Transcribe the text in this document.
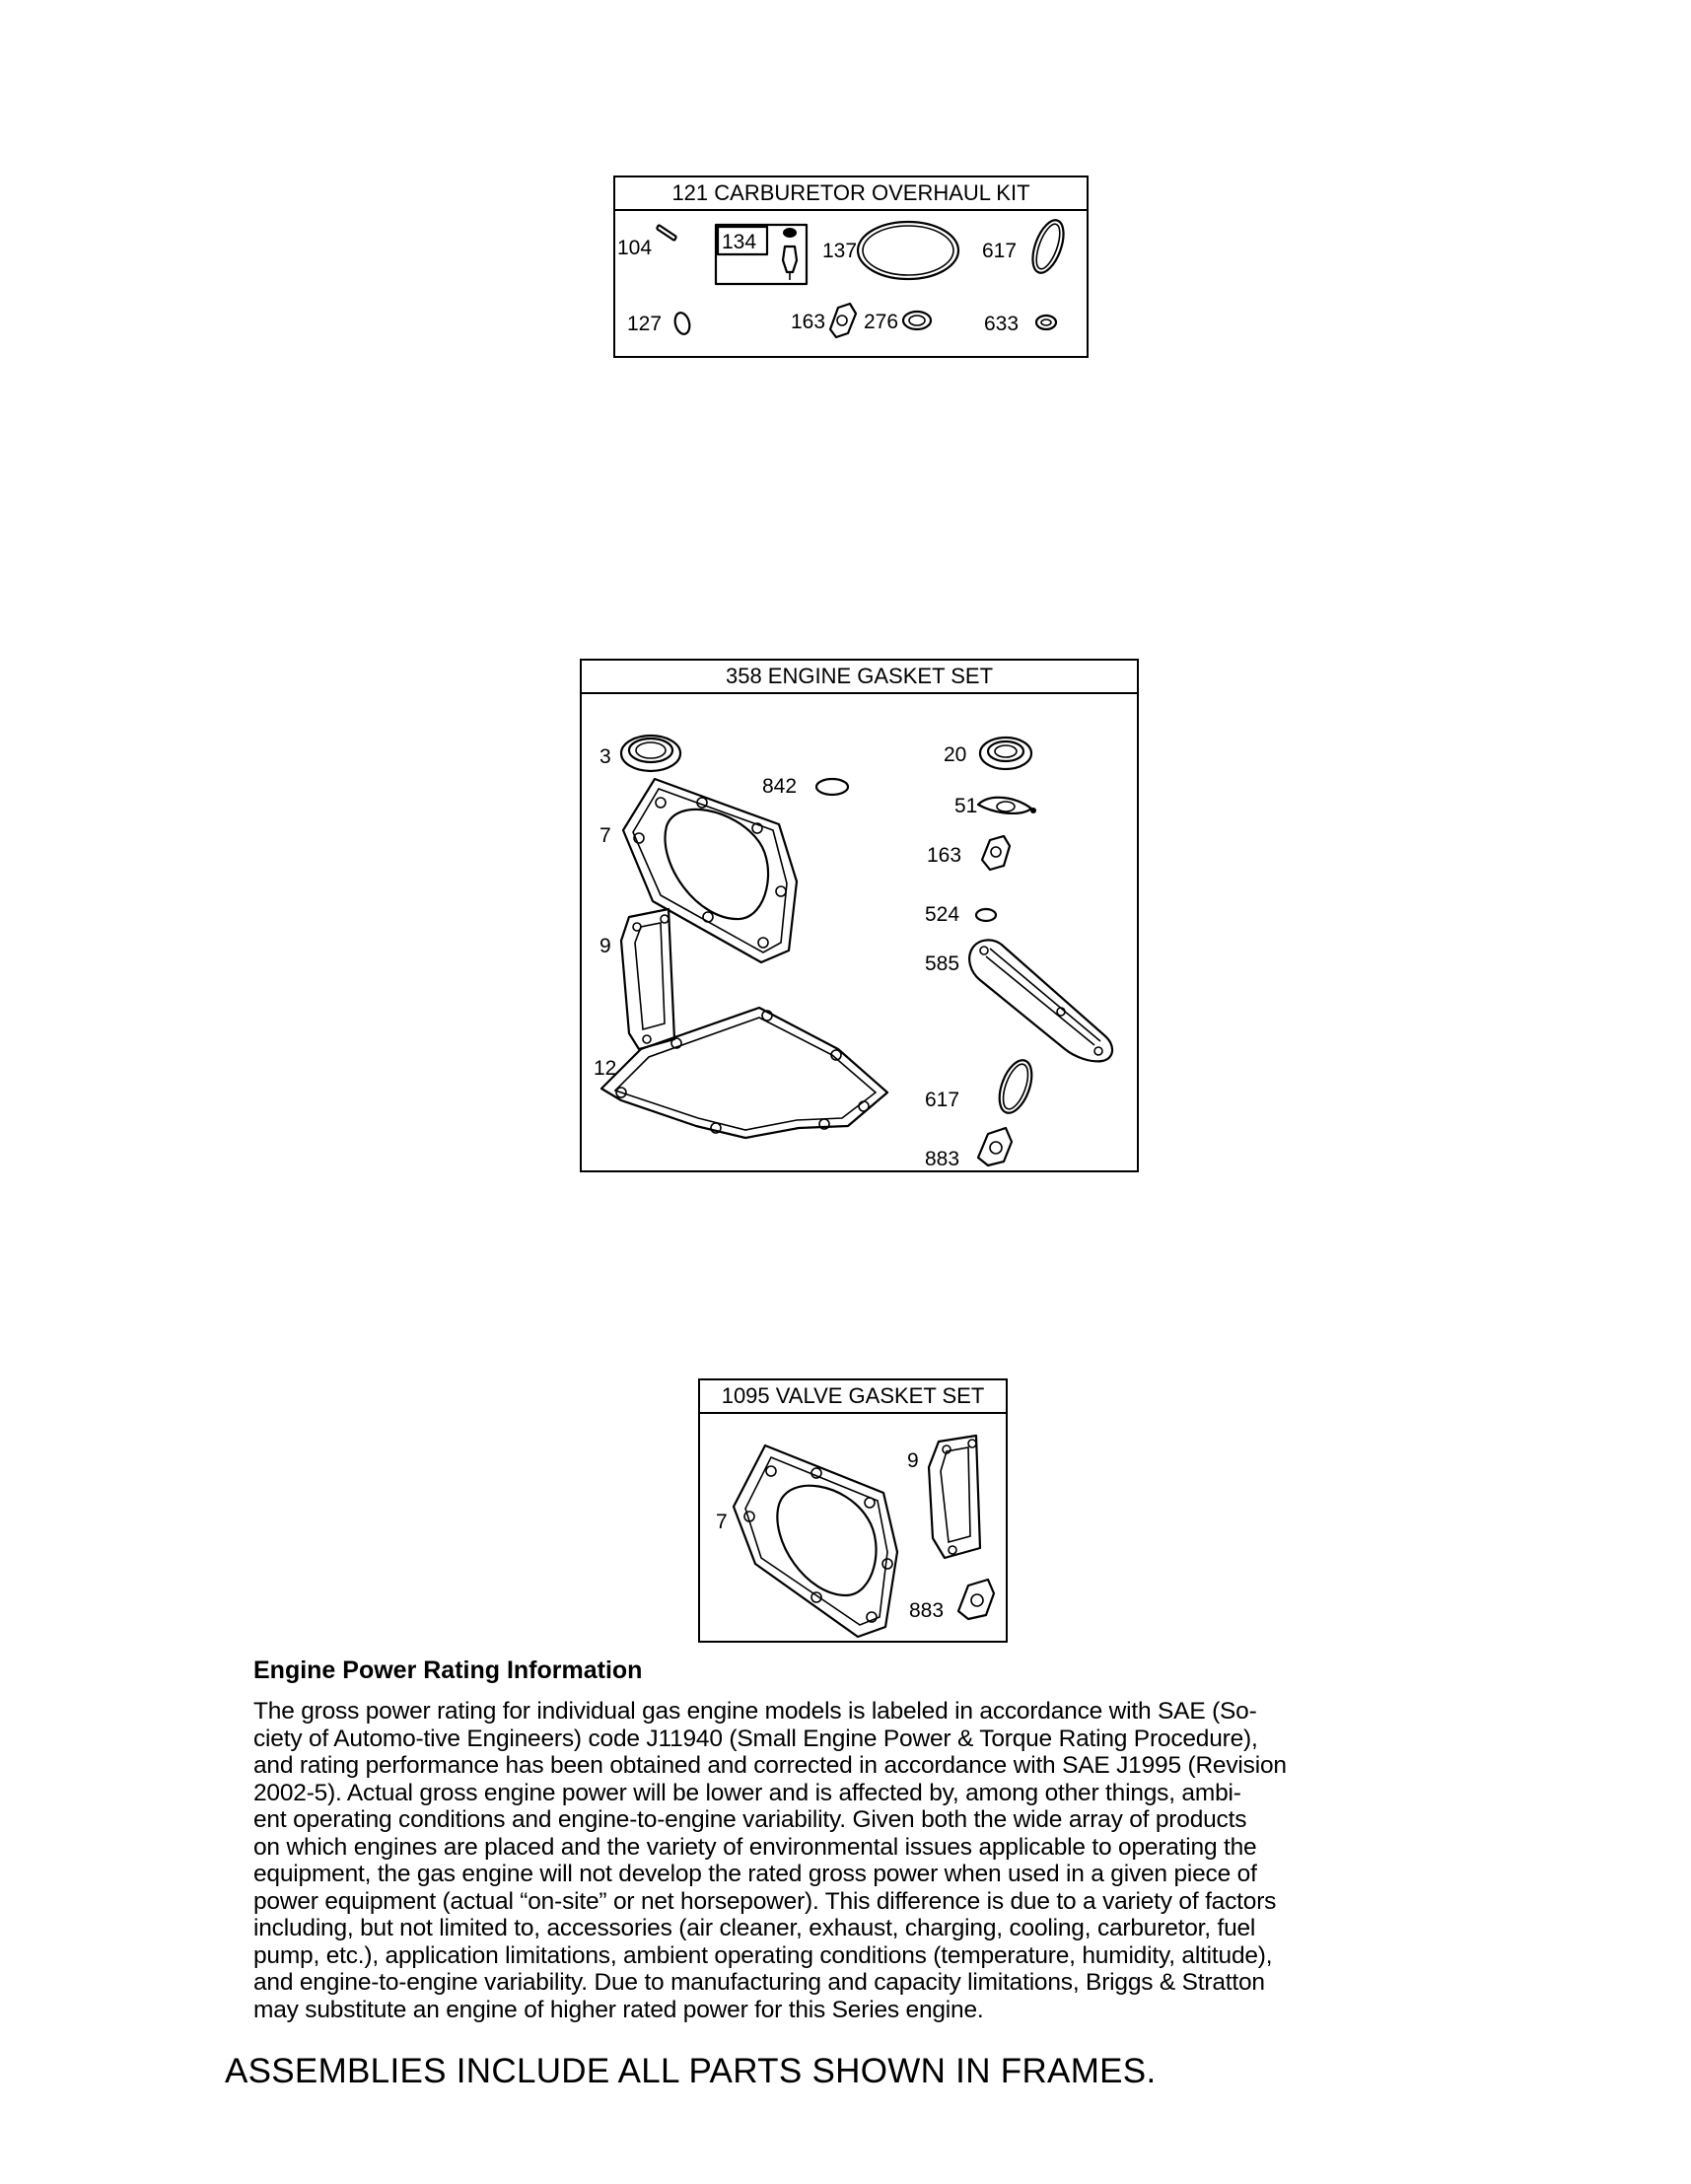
121 CARBURETOR OVERHAUL KIT
104	134	137	617
127	163 276	633
358 ENGINE GASKET SET
3
842
20
51
7
163
524
9
585
12
617
883
1095 VALVE GASKET SET
9
7
883
Engine Power Rating Information
The gross power rating for individual gas engine models is labeled in accordance with SAE (So-
ciety of Automo-tive Engineers) code J11940 (Small Engine Power & Torque Rating Procedure),
and rating performance has been obtained and corrected in accordance with SAE J1995 (Revision
2002-5). Actual gross engine power will be lower and is affected by, among other things, ambi-
ent operating conditions and engine-to-engine variability. Given both the wide array of products
on which engines are placed and the variety of environmental issues applicable to operating the
equipment, the gas engine will not develop the rated gross power when used in a given piece of
power equipment (actual “on-site” or net horsepower). This difference is due to a variety of factors
including, but not limited to, accessories (air cleaner, exhaust, charging, cooling, carburetor, fuel
pump, etc.), application limitations, ambient operating conditions (temperature, humidity, altitude),
and engine-to-engine variability. Due to manufacturing and capacity limitations, Briggs & Stratton
may substitute an engine of higher rated power for this Series engine.
ASSEMBLIES INCLUDE ALL PARTS SHOWN IN FRAMES.
